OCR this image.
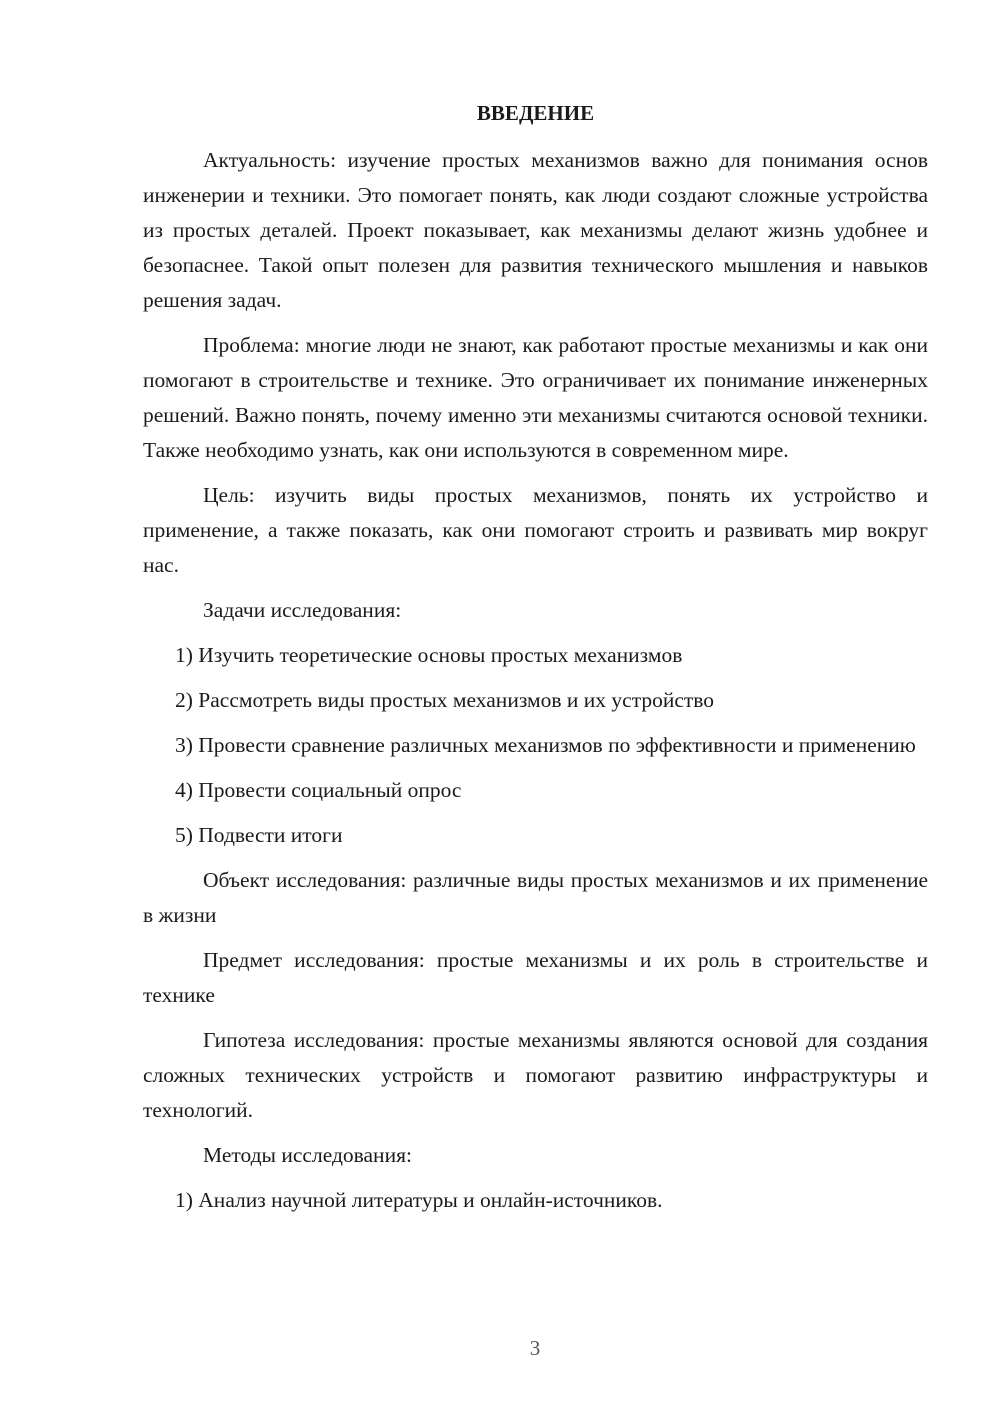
ВВЕДЕНИЕ

Актуальность: изучение простых механизмов важно для понимания основ инженерии и техники. Это помогает понять, как люди создают сложные устройства из простых деталей. Проект показывает, как механизмы делают жизнь удобнее и безопаснее. Такой опыт полезен для развития технического мышления и навыков решения задач.

Проблема: многие люди не знают, как работают простые механизмы и как они помогают в строительстве и технике. Это ограничивает их понимание инженерных решений. Важно понять, почему именно эти механизмы считаются основой техники. Также необходимо узнать, как они используются в современном мире.

Цель: изучить виды простых механизмов, понять их устройство и применение, а также показать, как они помогают строить и развивать мир вокруг нас.

Задачи исследования:

1) Изучить теоретические основы простых механизмов

2) Рассмотреть виды простых механизмов и их устройство

3) Провести сравнение различных механизмов по эффективности и применению

4) Провести социальный опрос

5) Подвести итоги

Объект исследования: различные виды простых механизмов и их применение в жизни

Предмет исследования: простые механизмы и их роль в строительстве и технике

Гипотеза исследования: простые механизмы являются основой для создания сложных технических устройств и помогают развитию инфраструктуры и технологий.

Методы исследования:

1) Анализ научной литературы и онлайн-источников.

3
